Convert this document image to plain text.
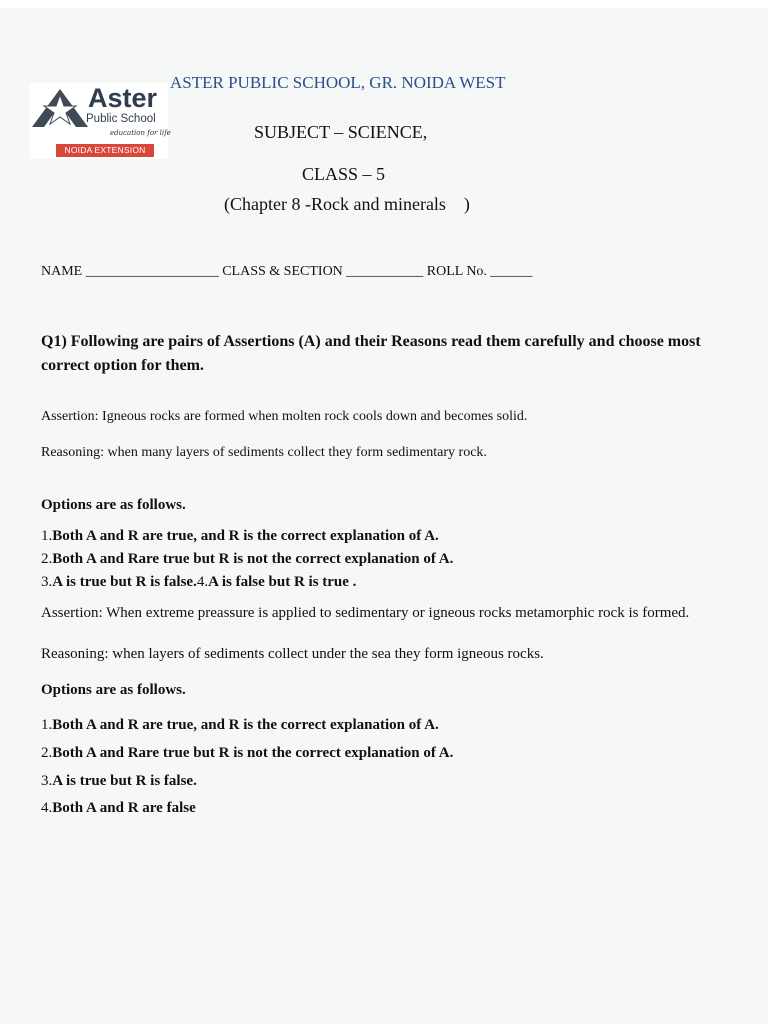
Aster
Public School
education for life
NOIDA EXTENSION
ASTER PUBLIC SCHOOL, GR. NOIDA WEST
SUBJECT – SCIENCE,
CLASS – 5
(Chapter 8 -Rock and minerals    )
NAME ___________________ CLASS & SECTION ___________ ROLL No. ______
Q1) Following are pairs of Assertions (A) and their Reasons read them carefully and choose most correct option for them.
Assertion: Igneous rocks are formed when molten rock cools down and becomes solid.
Reasoning: when many layers of sediments collect they form sedimentary rock.
Options are as follows.
1.Both A and R are true, and R is the correct explanation of A.
2.Both A and Rare true but R is not the correct explanation of A.
3.A is true but R is false.4.A is false but R is true .
Assertion: When extreme preassure is applied to sedimentary or igneous rocks metamorphic rock is formed.
Reasoning: when layers of sediments collect under the sea they form igneous rocks.
Options are as follows.
1.Both A and R are true, and R is the correct explanation of A.
2.Both A and Rare true but R is not the correct explanation of A.
3.A is true but R is false.
4.Both A and R are false
